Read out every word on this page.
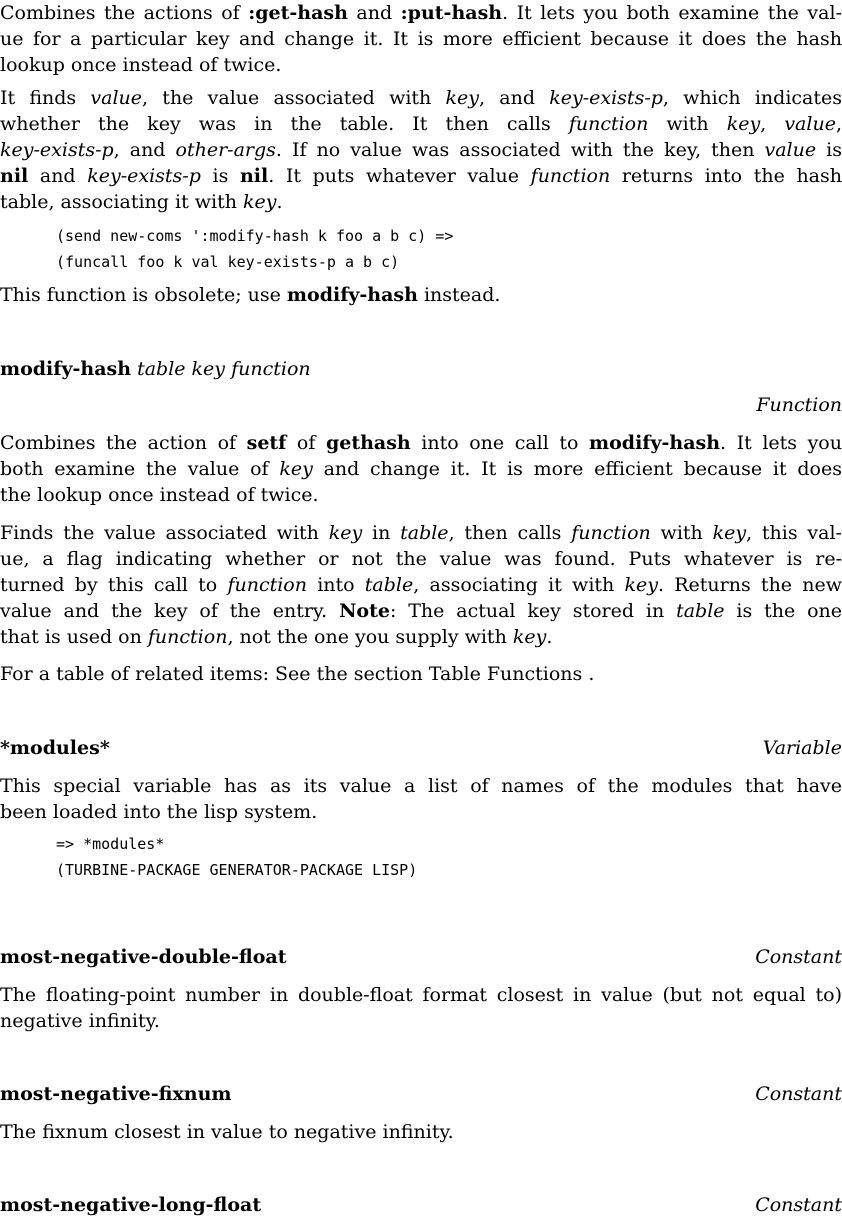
Combines the actions of :get-hash and :put-hash. It lets you both examine the val-
ue for a particular key and change it. It is more efficient because it does the hash
lookup once instead of twice.
It finds value, the value associated with key, and key-exists-p, which indicates
whether the key was in the table. It then calls function with key, value,
key-exists-p, and other-args. If no value was associated with the key, then value is
nil and key-exists-p is nil. It puts whatever value function returns into the hash
table, associating it with key.
(send new-coms ':modify-hash k foo a b c) =>
(funcall foo k val key-exists-p a b c)
This function is obsolete; use modify-hash instead.
modify-hash table key function
Function
Combines the action of setf of gethash into one call to modify-hash. It lets you
both examine the value of key and change it. It is more efficient because it does
the lookup once instead of twice.
Finds the value associated with key in table, then calls function with key, this val-
ue, a flag indicating whether or not the value was found. Puts whatever is re-
turned by this call to function into table, associating it with key. Returns the new
value and the key of the entry. Note: The actual key stored in table is the one
that is used on function, not the one you supply with key.
For a table of related items: See the section Table Functions .
*modules*	Variable
This special variable has as its value a list of names of the modules that have
been loaded into the lisp system.
=> *modules*
(TURBINE-PACKAGE GENERATOR-PACKAGE LISP)
most-negative-double-float	Constant
The floating-point number in double-float format closest in value (but not equal to)
negative infinity.
most-negative-fixnum	Constant
The fixnum closest in value to negative infinity.
most-negative-long-float	Constant
